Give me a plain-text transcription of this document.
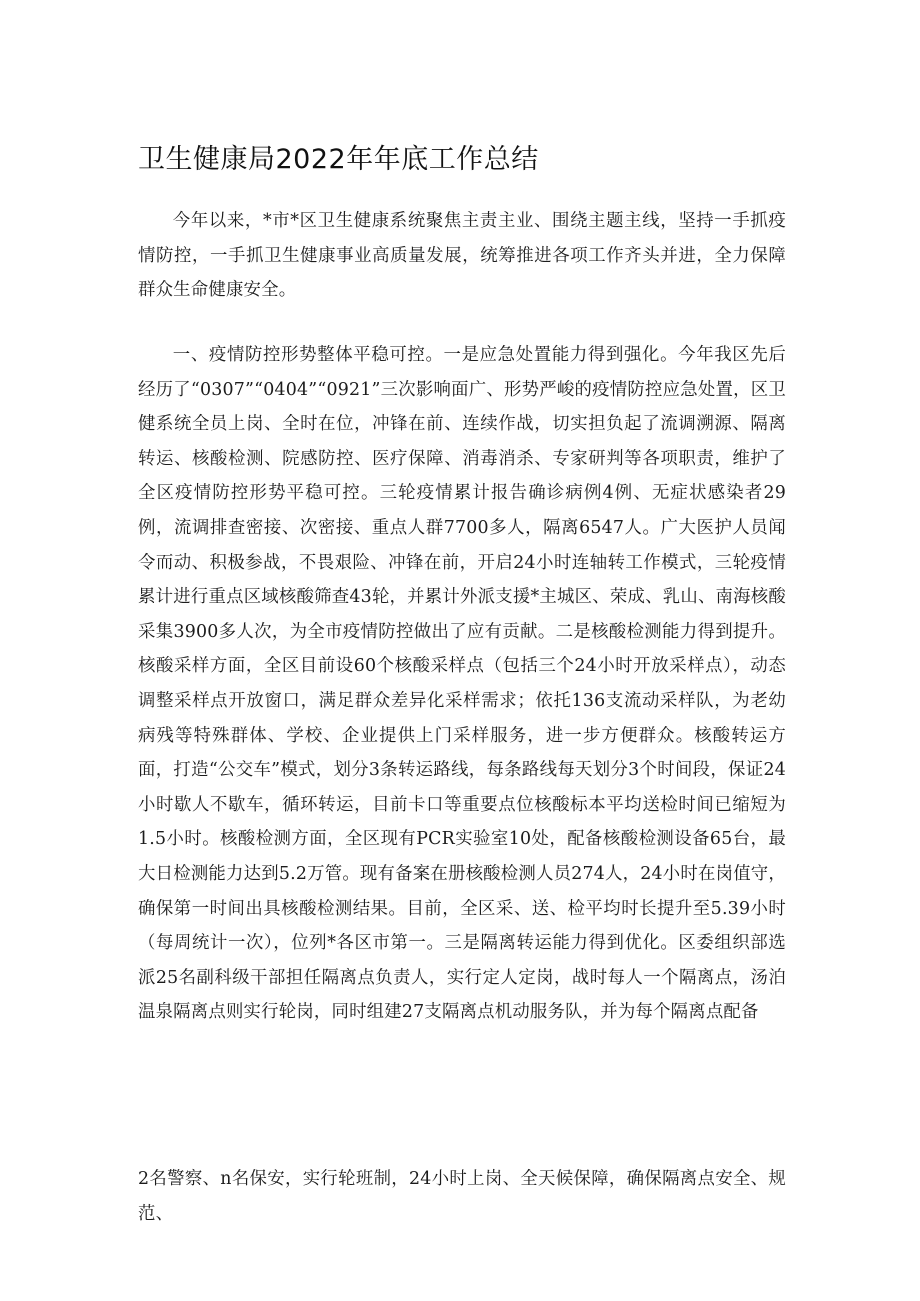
卫生健康局2022年年底工作总结

今年以来，*市*区卫生健康系统聚焦主责主业、围绕主题主线，坚持一手抓疫情防控，一手抓卫生健康事业高质量发展，统筹推进各项工作齐头并进，全力保障群众生命健康安全。

一、疫情防控形势整体平稳可控。一是应急处置能力得到强化。今年我区先后经历了“0307”“0404”“0921”三次影响面广、形势严峻的疫情防控应急处置，区卫健系统全员上岗、全时在位，冲锋在前、连续作战，切实担负起了流调溯源、隔离转运、核酸检测、院感防控、医疗保障、消毒消杀、专家研判等各项职责，维护了全区疫情防控形势平稳可控。三轮疫情累计报告确诊病例4例、无症状感染者29例，流调排查密接、次密接、重点人群7700多人，隔离6547人。广大医护人员闻令而动、积极参战，不畏艰险、冲锋在前，开启24小时连轴转工作模式，三轮疫情累计进行重点区域核酸筛查43轮，并累计外派支援*主城区、荣成、乳山、南海核酸采集3900多人次，为全市疫情防控做出了应有贡献。二是核酸检测能力得到提升。核酸采样方面，全区目前设60个核酸采样点（包括三个24小时开放采样点），动态调整采样点开放窗口，满足群众差异化采样需求；依托136支流动采样队，为老幼病残等特殊群体、学校、企业提供上门采样服务，进一步方便群众。核酸转运方面，打造“公交车”模式，划分3条转运路线，每条路线每天划分3个时间段，保证24小时歇人不歇车，循环转运，目前卡口等重要点位核酸标本平均送检时间已缩短为1.5小时。核酸检测方面，全区现有PCR实验室10处，配备核酸检测设备65台，最大日检测能力达到5.2万管。现有备案在册核酸检测人员274人，24小时在岗值守，确保第一时间出具核酸检测结果。目前，全区采、送、检平均时长提升至5.39小时（每周统计一次），位列*各区市第一。三是隔离转运能力得到优化。区委组织部选派25名副科级干部担任隔离点负责人，实行定人定岗，战时每人一个隔离点，汤泊温泉隔离点则实行轮岗，同时组建27支隔离点机动服务队，并为每个隔离点配备

2名警察、n名保安，实行轮班制，24小时上岗、全天候保障，确保隔离点安全、规范、
